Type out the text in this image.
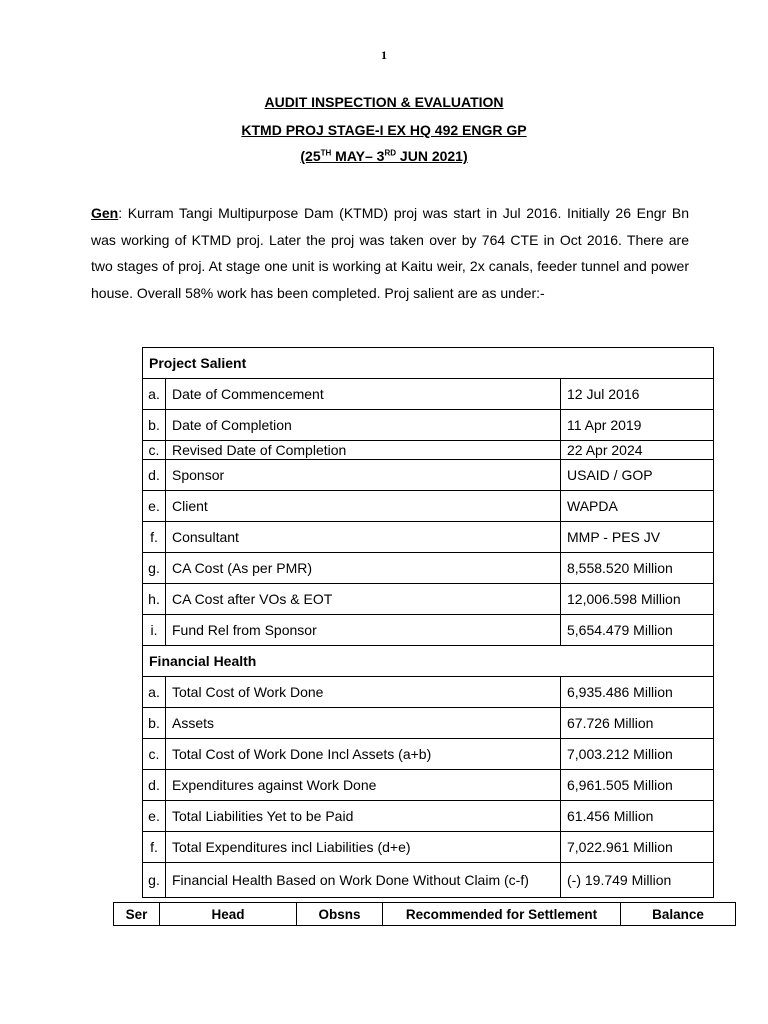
1
AUDIT INSPECTION & EVALUATION
KTMD PROJ STAGE-I EX HQ 492 ENGR GP
(25TH MAY– 3RD JUN 2021)
Gen: Kurram Tangi Multipurpose Dam (KTMD) proj was start in Jul 2016. Initially 26 Engr Bn was working of KTMD proj. Later the proj was taken over by 764 CTE in Oct 2016. There are two stages of proj. At stage one unit is working at Kaitu weir, 2x canals, feeder tunnel and power house. Overall 58% work has been completed. Proj salient are as under:-
Project Salient		
a.	Date of Commencement	12 Jul 2016
b.	Date of Completion	11 Apr 2019
c.	Revised Date of Completion	22 Apr 2024
d.	Sponsor	USAID / GOP
e.	Client	WAPDA
f.	Consultant	MMP - PES JV
g.	CA Cost (As per PMR)	8,558.520 Million
h.	CA Cost after VOs & EOT	12,006.598 Million
i.	Fund Rel from Sponsor	5,654.479 Million
Financial Health		
a.	Total Cost of Work Done	6,935.486 Million
b.	Assets	67.726 Million
c.	Total Cost of Work Done Incl Assets (a+b)	7,003.212 Million
d.	Expenditures against Work Done	6,961.505 Million
e.	Total Liabilities Yet to be Paid	61.456 Million
f.	Total Expenditures incl Liabilities (d+e)	7,022.961 Million
g.	Financial Health Based on Work Done Without Claim (c-f)	(-) 19.749 Million
Ser	Head	Obsns	Recommended for Settlement	Balance
